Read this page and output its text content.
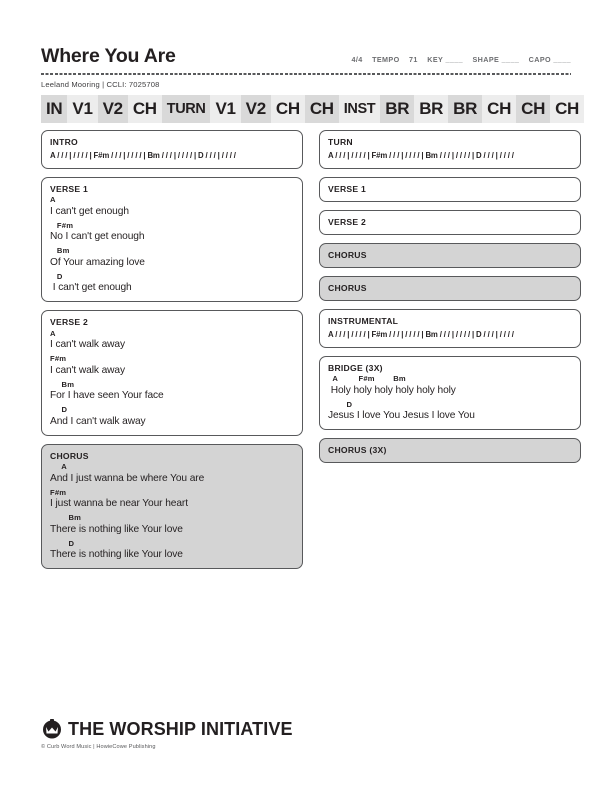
Where You Are	4/4 TEMPO 71 KEY ____ SHAPE ____ CAPO ____
Leeland Mooring | CCLI: 7025708
IN V1 V2 CH TURN V1 V2 CH CH INST BR BR BR CH CH CH
INTRO
A / / / | / / / / | F#m / / / | / / / / | Bm / / / | / / / / | D / / / | / / / /
VERSE 1
A
I can't get enough
F#m
No I can't get enough
Bm
Of Your amazing love
D
I can't get enough
VERSE 2
A
I can't walk away
F#m
I can't walk away
Bm
For I have seen Your face
D
And I can't walk away
CHORUS
A
And I just wanna be where You are
F#m
I just wanna be near Your heart
Bm
There is nothing like Your love
D
There is nothing like Your love
TURN
A / / / | / / / / | F#m / / / | / / / / | Bm / / / | / / / / | D / / / | / / / /
VERSE 1
VERSE 2
CHORUS
CHORUS
INSTRUMENTAL
A / / / | / / / / | F#m / / / | / / / / | Bm / / / | / / / / | D / / / | / / / /
BRIDGE (3X)
A         F#m        Bm
Holy holy holy holy holy holy
D
Jesus I love You Jesus I love You
CHORUS (3X)
THE WORSHIP INITIATIVE
© Curb Word Music | HowieCowe Publishing
